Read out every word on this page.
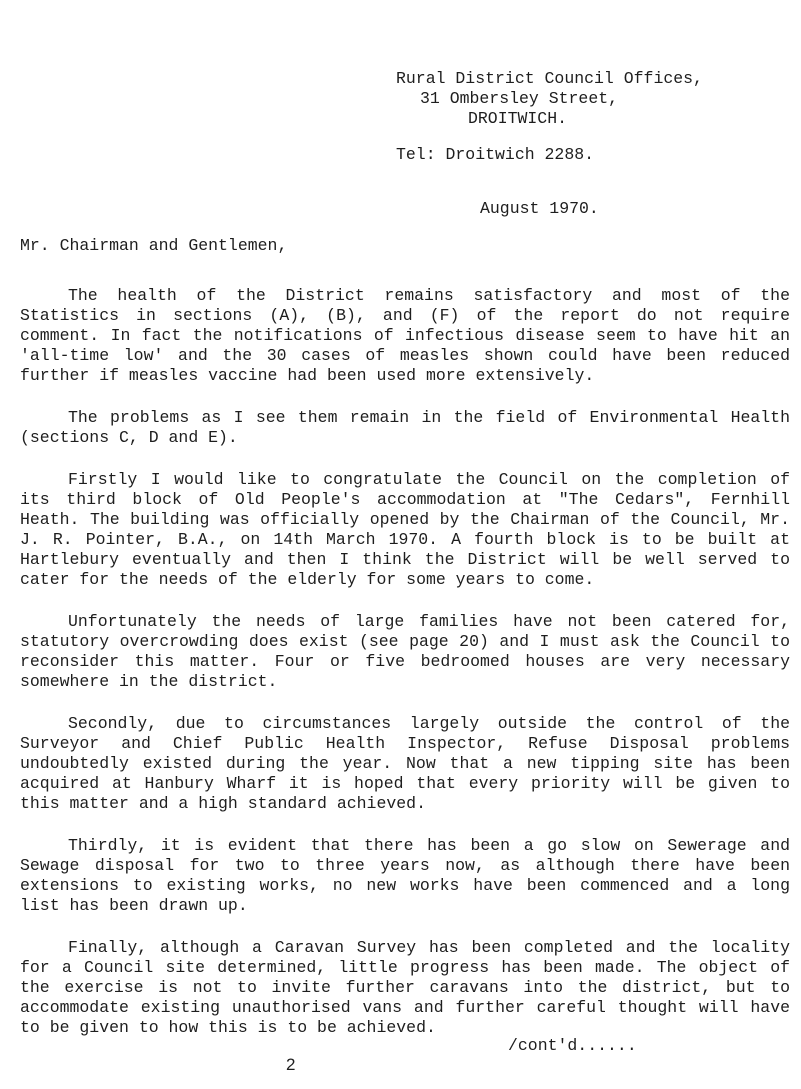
Rural District Council Offices,
31 Ombersley Street,
DROITWICH.
Tel: Droitwich 2288.
August 1970.
Mr. Chairman and Gentlemen,

The health of the District remains satisfactory and most of the Statistics in sections (A), (B), and (F) of the report do not require comment. In fact the notifications of infectious disease seem to have hit an 'all-time low' and the 30 cases of measles shown could have been reduced further if measles vaccine had been used more extensively.

The problems as I see them remain in the field of Environmental Health (sections C, D and E).

Firstly I would like to congratulate the Council on the completion of its third block of Old People's accommodation at "The Cedars", Fernhill Heath. The building was officially opened by the Chairman of the Council, Mr. J. R. Pointer, B.A., on 14th March 1970. A fourth block is to be built at Hartlebury eventually and then I think the District will be well served to cater for the needs of the elderly for some years to come.

Unfortunately the needs of large families have not been catered for, statutory overcrowding does exist (see page 20) and I must ask the Council to reconsider this matter. Four or five bedroomed houses are very necessary somewhere in the district.

Secondly, due to circumstances largely outside the control of the Surveyor and Chief Public Health Inspector, Refuse Disposal problems undoubtedly existed during the year. Now that a new tipping site has been acquired at Hanbury Wharf it is hoped that every priority will be given to this matter and a high standard achieved.

Thirdly, it is evident that there has been a go slow on Sewerage and Sewage disposal for two to three years now, as although there have been extensions to existing works, no new works have been commenced and a long list has been drawn up.

Finally, although a Caravan Survey has been completed and the locality for a Council site determined, little progress has been made. The object of the exercise is not to invite further caravans into the district, but to accommodate existing unauthorised vans and further careful thought will have to be given to how this is to be achieved.

/cont'd......
2
